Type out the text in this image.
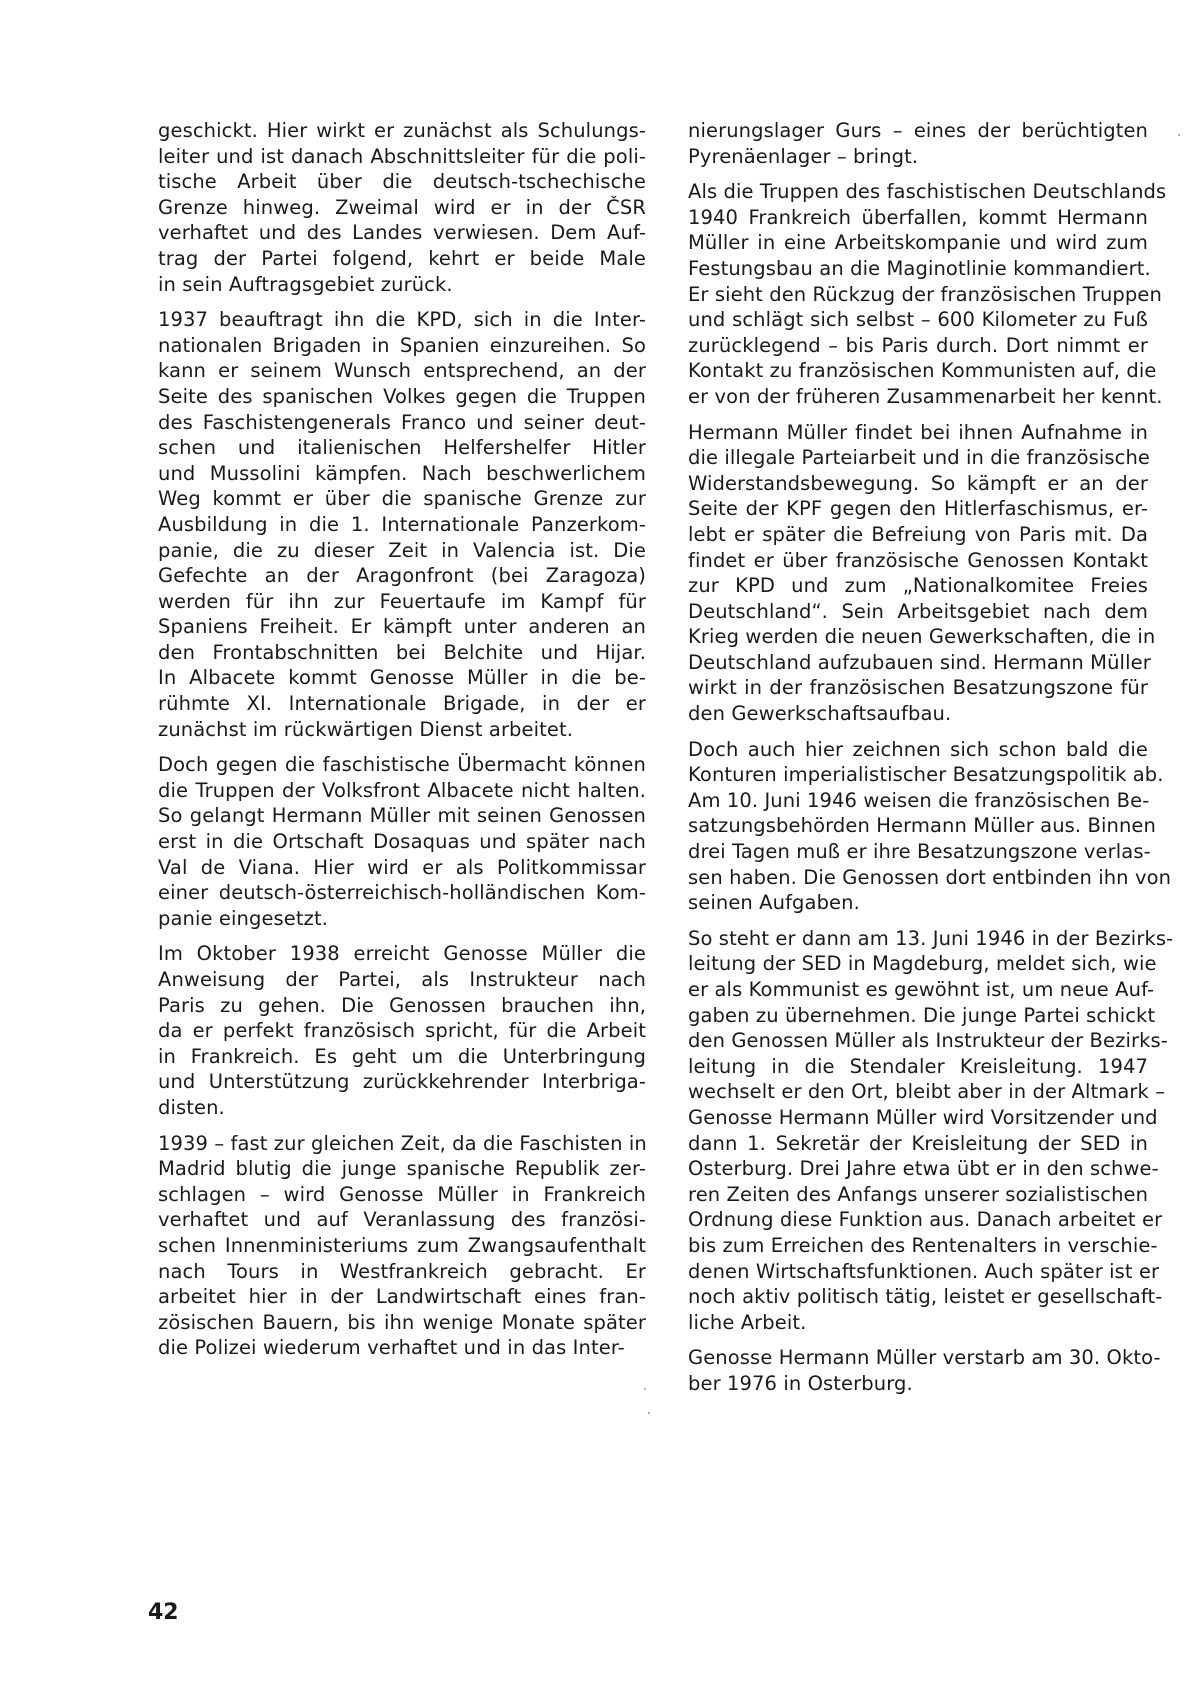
geschickt. Hier wirkt er zunächst als Schulungs-
leiter und ist danach Abschnittsleiter für die poli-
tische Arbeit über die deutsch-tschechische
Grenze hinweg. Zweimal wird er in der ČSR
verhaftet und des Landes verwiesen. Dem Auf-
trag der Partei folgend, kehrt er beide Male
in sein Auftragsgebiet zurück.
1937 beauftragt ihn die KPD, sich in die Inter-
nationalen Brigaden in Spanien einzureihen. So
kann er seinem Wunsch entsprechend, an der
Seite des spanischen Volkes gegen die Truppen
des Faschistengenerals Franco und seiner deut-
schen und italienischen Helfershelfer Hitler
und Mussolini kämpfen. Nach beschwerlichem
Weg kommt er über die spanische Grenze zur
Ausbildung in die 1. Internationale Panzerkom-
panie, die zu dieser Zeit in Valencia ist. Die
Gefechte an der Aragonfront (bei Zaragoza)
werden für ihn zur Feuertaufe im Kampf für
Spaniens Freiheit. Er kämpft unter anderen an
den Frontabschnitten bei Belchite und Hijar.
In Albacete kommt Genosse Müller in die be-
rühmte XI. Internationale Brigade, in der er
zunächst im rückwärtigen Dienst arbeitet.
Doch gegen die faschistische Übermacht können
die Truppen der Volksfront Albacete nicht halten.
So gelangt Hermann Müller mit seinen Genossen
erst in die Ortschaft Dosaquas und später nach
Val de Viana. Hier wird er als Politkommissar
einer deutsch-österreichisch-holländischen Kom-
panie eingesetzt.
Im Oktober 1938 erreicht Genosse Müller die
Anweisung der Partei, als Instrukteur nach
Paris zu gehen. Die Genossen brauchen ihn,
da er perfekt französisch spricht, für die Arbeit
in Frankreich. Es geht um die Unterbringung
und Unterstützung zurückkehrender Interbriga-
disten.
1939 – fast zur gleichen Zeit, da die Faschisten in
Madrid blutig die junge spanische Republik zer-
schlagen – wird Genosse Müller in Frankreich
verhaftet und auf Veranlassung des französi-
schen Innenministeriums zum Zwangsaufenthalt
nach Tours in Westfrankreich gebracht. Er
arbeitet hier in der Landwirtschaft eines fran-
zösischen Bauern, bis ihn wenige Monate später
die Polizei wiederum verhaftet und in das Inter-
nierungslager Gurs – eines der berüchtigten
Pyrenäenlager – bringt.
Als die Truppen des faschistischen Deutschlands
1940 Frankreich überfallen, kommt Hermann
Müller in eine Arbeitskompanie und wird zum
Festungsbau an die Maginotlinie kommandiert.
Er sieht den Rückzug der französischen Truppen
und schlägt sich selbst – 600 Kilometer zu Fuß
zurücklegend – bis Paris durch. Dort nimmt er
Kontakt zu französischen Kommunisten auf, die
er von der früheren Zusammenarbeit her kennt.
Hermann Müller findet bei ihnen Aufnahme in
die illegale Parteiarbeit und in die französische
Widerstandsbewegung. So kämpft er an der
Seite der KPF gegen den Hitlerfaschismus, er-
lebt er später die Befreiung von Paris mit. Da
findet er über französische Genossen Kontakt
zur KPD und zum „Nationalkomitee Freies
Deutschland“. Sein Arbeitsgebiet nach dem
Krieg werden die neuen Gewerkschaften, die in
Deutschland aufzubauen sind. Hermann Müller
wirkt in der französischen Besatzungszone für
den Gewerkschaftsaufbau.
Doch auch hier zeichnen sich schon bald die
Konturen imperialistischer Besatzungspolitik ab.
Am 10. Juni 1946 weisen die französischen Be-
satzungsbehörden Hermann Müller aus. Binnen
drei Tagen muß er ihre Besatzungszone verlas-
sen haben. Die Genossen dort entbinden ihn von
seinen Aufgaben.
So steht er dann am 13. Juni 1946 in der Bezirks-
leitung der SED in Magdeburg, meldet sich, wie
er als Kommunist es gewöhnt ist, um neue Auf-
gaben zu übernehmen. Die junge Partei schickt
den Genossen Müller als Instrukteur der Bezirks-
leitung in die Stendaler Kreisleitung. 1947
wechselt er den Ort, bleibt aber in der Altmark –
Genosse Hermann Müller wird Vorsitzender und
dann 1. Sekretär der Kreisleitung der SED in
Osterburg. Drei Jahre etwa übt er in den schwe-
ren Zeiten des Anfangs unserer sozialistischen
Ordnung diese Funktion aus. Danach arbeitet er
bis zum Erreichen des Rentenalters in verschie-
denen Wirtschaftsfunktionen. Auch später ist er
noch aktiv politisch tätig, leistet er gesellschaft-
liche Arbeit.
Genosse Hermann Müller verstarb am 30. Okto-
ber 1976 in Osterburg.
42
